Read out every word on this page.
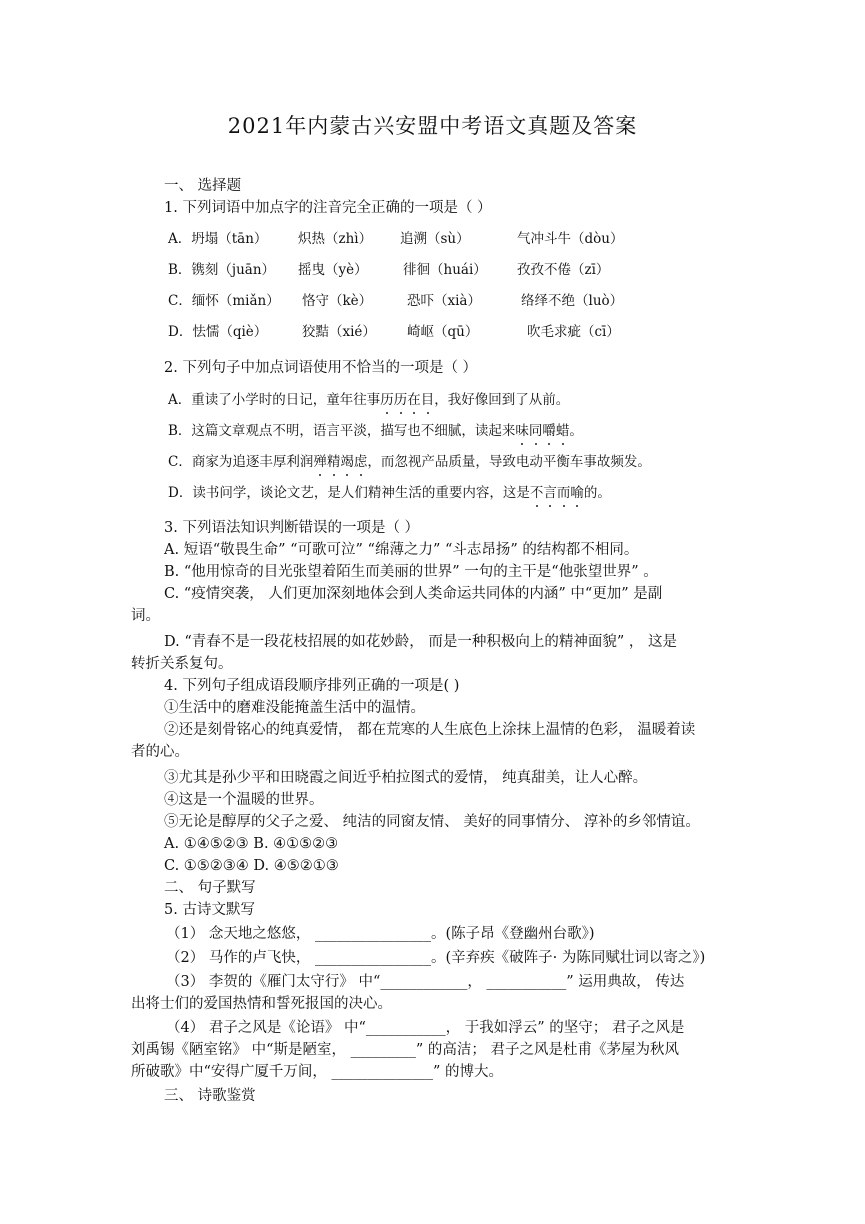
2021年内蒙古兴安盟中考语文真题及答案
一、 选择题
1. 下列词语中加点字的注音完全正确的一项是（ ）
A．坍塌（tān） 炽热（zhì） 追溯（sù）	气冲斗牛（dòu）
B．镌刻（juān） 摇曳（yè）	徘徊（huái） 孜孜不倦（zī）
C．缅怀（miǎn） 恪守（kè）	恐吓（xià）	络绎不绝（luò）
D．怯懦（qiè）	狡黠（xié） 崎岖（qū）	吹毛求疵（cī）
2. 下列句子中加点词语使用不恰当的一项是（ ）
A．重读了小学时的日记，童年往事历历在目，我好像回到了从前。
B．这篇文章观点不明，语言平淡，描写也不细腻，读起来味同嚼蜡。
C．商家为追逐丰厚利润殚精竭虑，而忽视产品质量，导致电动平衡车事故频发。
D．读书问学，谈论文艺，是人们精神生活的重要内容，这是不言而喻的。
3. 下列语法知识判断错误的一项是（ ）
A. 短语“敬畏生命” “可歌可泣” “绵薄之力” “斗志昂扬” 的结构都不相同。
B. “他用惊奇的目光张望着陌生而美丽的世界” 一句的主干是“他张望世界” 。
C. “疫情突袭， 人们更加深刻地体会到人类命运共同体的内涵” 中“更加” 是副
词。
D. “青春不是一段花枝招展的如花妙龄， 而是一种积极向上的精神面貌” ， 这是
转折关系复句。
4. 下列句子组成语段顺序排列正确的一项是( )
①生活中的磨难没能掩盖生活中的温情。
②还是刻骨铭心的纯真爱情， 都在荒寒的人生底色上涂抹上温情的色彩， 温暖着读
者的心。
③尤其是孙少平和田晓霞之间近乎柏拉图式的爱情， 纯真甜美，让人心醉。
④这是一个温暖的世界。
⑤无论是醇厚的父子之爱、 纯洁的同窗友情、 美好的同事情分、 淳补的乡邻情谊。
A. ①④⑤②③ B. ④①⑤②③
C. ①⑤②③④ D. ④⑤②①③
二、 句子默写
5. 古诗文默写
（1） 念天地之悠悠， ________________。(陈子昂《登幽州台歌》)
（2） 马作的卢飞快， ________________。(辛弃疾《破阵子· 为陈同赋壮词以寄之》)
（3） 李贺的《雁门太守行》 中“____________， ___________” 运用典故， 传达
出将士们的爱国热情和誓死报国的决心。
（4） 君子之风是《论语》 中“___________， 于我如浮云” 的坚守； 君子之风是
刘禹锡《陋室铭》 中“斯是陋室， _________” 的高洁； 君子之风是杜甫《茅屋为秋风
所破歌》中“安得广厦千万间， ______________” 的博大。
三、 诗歌鉴赏
